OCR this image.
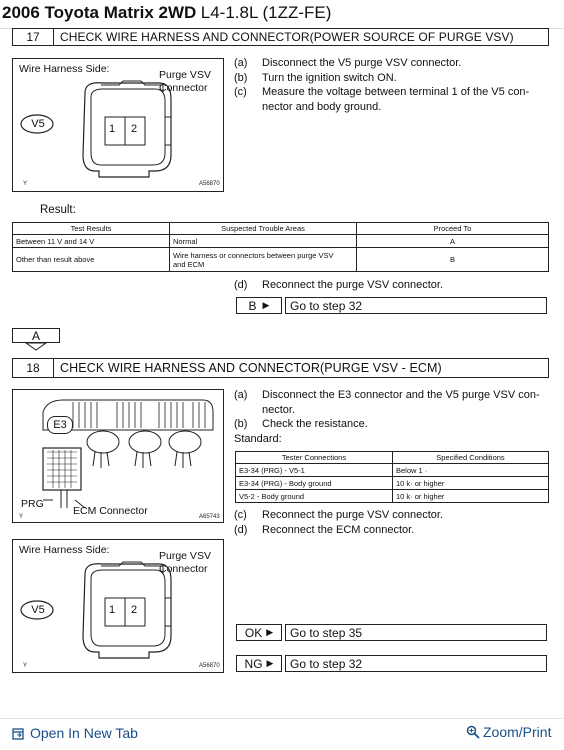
2006 Toyota Matrix 2WD L4-1.8L (1ZZ-FE)
17	CHECK WIRE HARNESS AND CONNECTOR(POWER SOURCE OF PURGE VSV)
Wire Harness Side:	Purge VSV
Connector
V5	1 2
Y	A56870
(a)	Disconnect the V5 purge VSV connector.
(b)	Turn the ignition switch ON.
(c)	Measure the voltage between terminal 1 of the V5 con-
nector and body ground.
Result:
Test Results	Suspected Trouble Areas	Proceed To
Between 11 V and 14 V	Normal	A
Other than result above	Wire harness or connectors between purge VSV
and ECM	B
(d)	Reconnect the purge VSV connector.
B ▶	Go to step 32
A
18	CHECK WIRE HARNESS AND CONNECTOR(PURGE VSV - ECM)
E3
PRG
ECM Connector
Y	A65743
(a)	Disconnect the E3 connector and the V5 purge VSV con-
nector.
(b)	Check the resistance.
Standard:
Tester Connections	Specified Conditions
E3-34 (PRG) - V5-1	Below 1 ·
E3-34 (PRG) - Body ground	10 k· or higher
V5-2 - Body ground	10 k· or higher
(c)	Reconnect the purge VSV connector.
(d)	Reconnect the ECM connector.
Wire Harness Side:	Purge VSV
Connector
V5	1 2
Y	A56870
OK ▶	Go to step 35
NG ▶	Go to step 32
Open In New Tab	Zoom/Print
